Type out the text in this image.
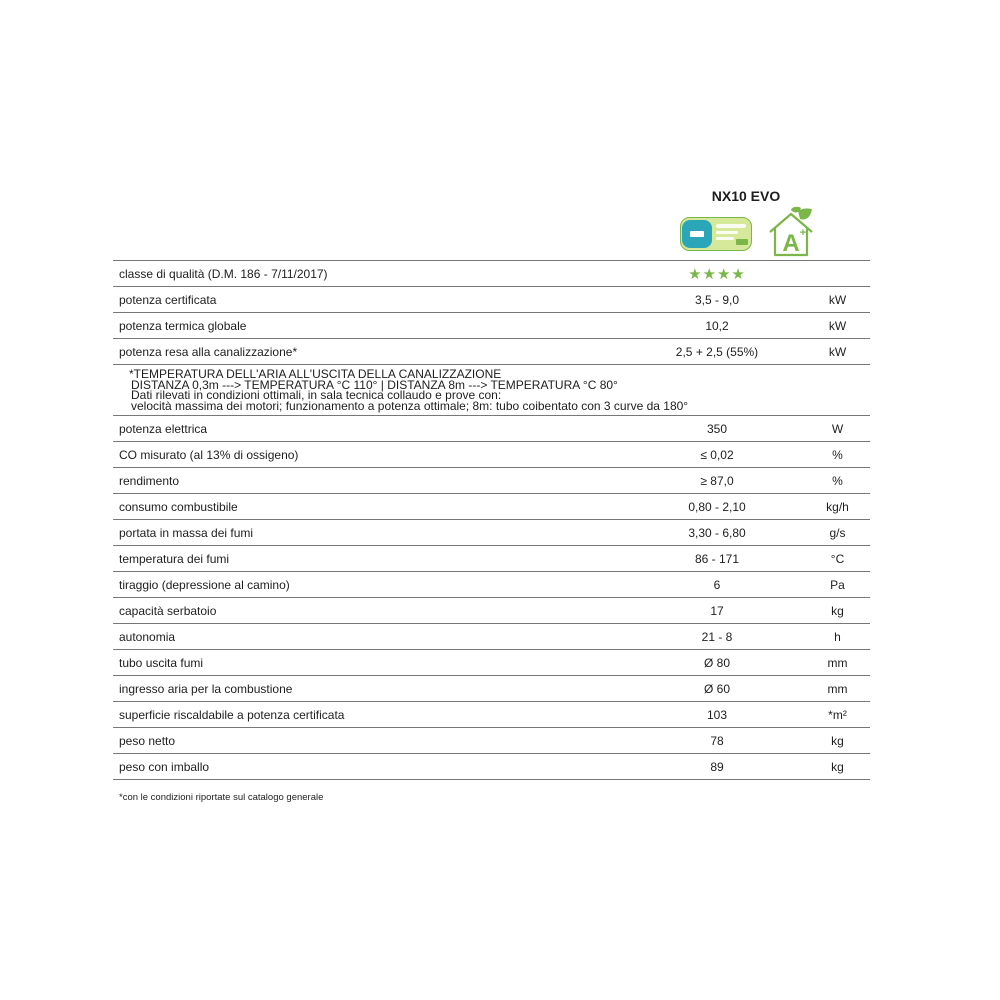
NX10 EVO
A +
classe di qualità (D.M. 186 - 7/11/2017)	★★★★	
potenza certificata	3,5 - 9,0	kW
potenza termica globale	10,2	kW
potenza resa alla canalizzazione*	2,5 + 2,5 (55%)	kW

*TEMPERATURA DELL'ARIA ALL'USCITA DELLA CANALIZZAZIONE
DISTANZA 0,3m ---> TEMPERATURA °C 110° | DISTANZA 8m ---> TEMPERATURA °C 80°
Dati rilevati in condizioni ottimali, in sala tecnica collaudo e prove con:
velocità massima dei motori; funzionamento a potenza ottimale; 8m: tubo coibentato con 3 curve da 180°		

potenza elettrica	350	W
CO misurato (al 13% di ossigeno)	≤ 0,02	%
rendimento	≥ 87,0	%
consumo combustibile	0,80 - 2,10	kg/h
portata in massa dei fumi	3,30 - 6,80	g/s
temperatura dei fumi	86 - 171	°C
tiraggio (depressione al camino)	6	Pa
capacità serbatoio	17	kg
autonomia	21 - 8	h
tubo uscita fumi	Ø 80	mm
ingresso aria per la combustione	Ø 60	mm
superficie riscaldabile a potenza certificata	103	*m²
peso netto	78	kg
peso con imballo	89	kg
*con le condizioni riportate sul catalogo generale
